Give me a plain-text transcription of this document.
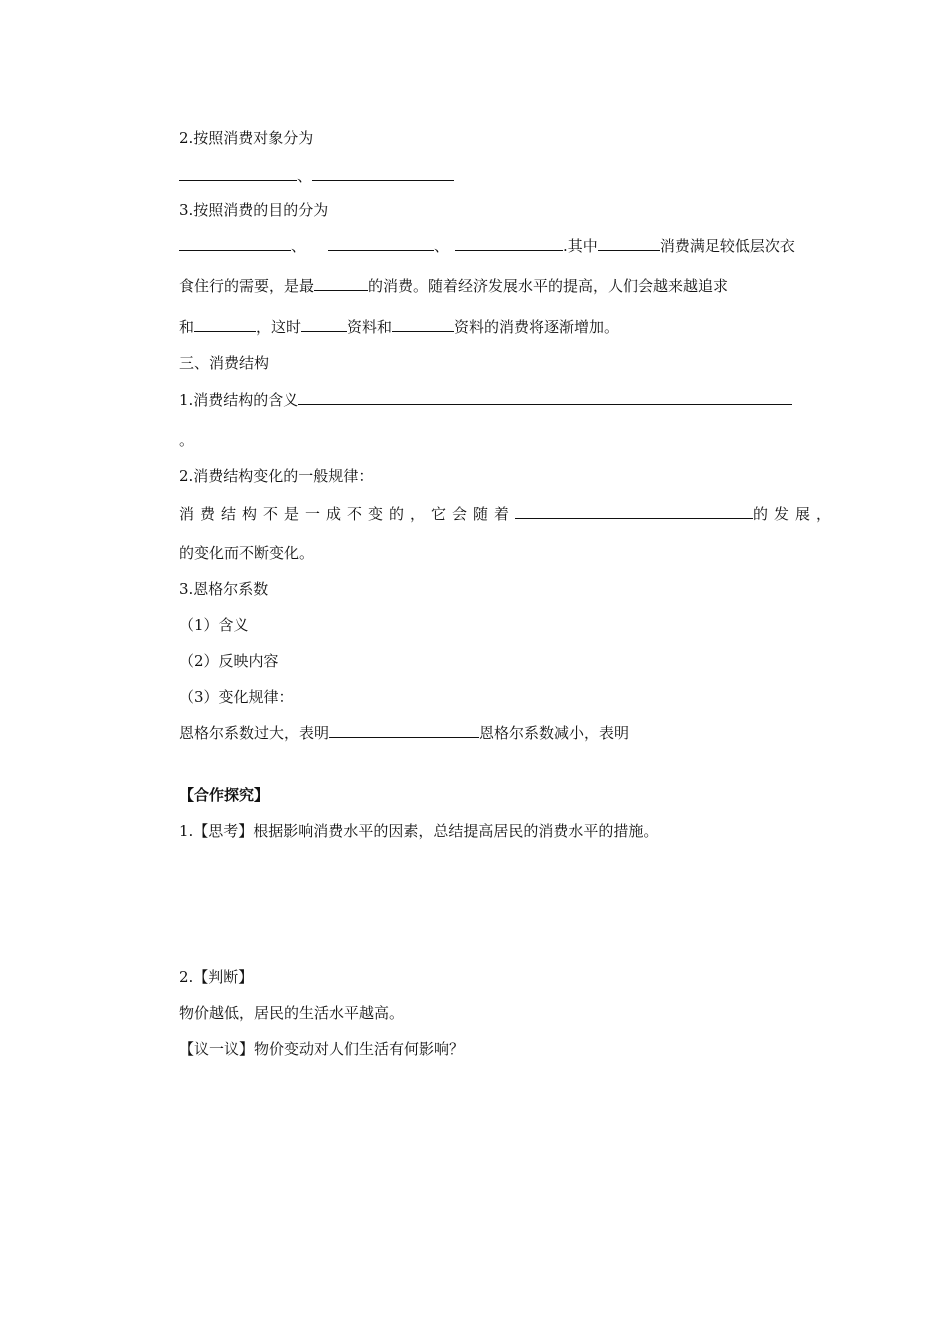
2.按照消费对象分为
、
3.按照消费的目的分为
、	、	.其中	消费满足较低层次衣
食住行的需要，是最	的消费。随着经济发展水平的提高，人们会越来越追求
和	，这时	资料和	资料的消费将逐渐增加。
三、消费结构
1.消费结构的含义
。
2.消费结构变化的一般规律：
消费结构不是一成不变的，它会随着	的发展，
的变化而不断变化。
3.恩格尔系数
（1）含义
（2）反映内容
（3）变化规律：
恩格尔系数过大，表明	恩格尔系数减小，表明
【合作探究】
1.【思考】根据影响消费水平的因素，总结提高居民的消费水平的措施。
2.【判断】
物价越低，居民的生活水平越高。
【议一议】物价变动对人们生活有何影响？
